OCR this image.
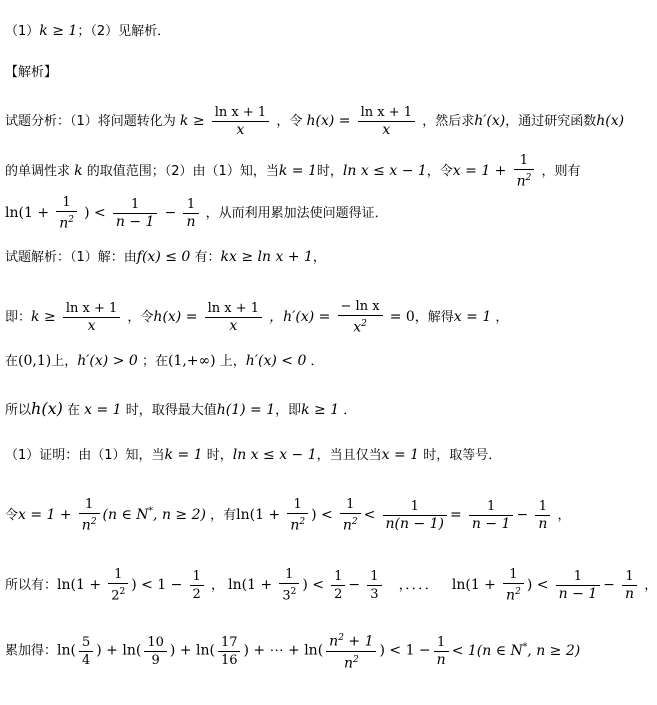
（1）k ≥ 1；（2）见解析．
【解析】
试题分析：（1）将问题转化为 $k \ge \frac{\text{ln x + 1}}{x}$ ，令 $h(x) = \frac{\text{ln x + 1}}{x}$ ，然后求h′(x)，通过研究函数h(x)
的单调性求 k 的取值范围；（2）由（1）知，当k = 1时，ln x ≤ x − 1，令$x = 1 + \frac{1}{n^2}$ ，则有
$\ln(1 + \frac{1}{n^2}$ ) < $\frac{1}{n - 1} - \frac{1}{n}$ ，从而利用累加法使问题得证．
试题解析：（1）解：由f(x) ≤ 0 有：kx ≥ ln x + 1，
即：$k \ge \frac{\text{ln x + 1}}{x}$ ，令$h(x) = \frac{\text{ln x + 1}}{x}$ ，$h'(x) = \frac{\text{− ln x}}{x^2} = 0$，解得x = 1 ，
在(0,1)上，h′(x) > 0 ；在(1,+∞) 上，h′(x) < 0 ．
所以h(x) 在 x = 1 时，取得最大值h(1) = 1，即k ≥ 1 ．
（1）证明：由（1）知，当k = 1 时，ln x ≤ x − 1，当且仅当x = 1 时，取等号．
令$x = 1 + \frac{1}{n^2} (n$ ∈ N*, n ≥ 2) ，有$\ln(1 + \frac{1}{n^2}$ ) < $\frac{1}{n^2} < \frac{1}{n(n - 1)} = \frac{1}{n - 1} - \frac{1}{n}$ ，
所以有：$\ln(1 + \frac{1}{2^2}$ ) < $1 - \frac{1}{2}$ ， $\ln(1 + \frac{1}{3^2}$ ) < $\frac{1}{2} - \frac{1}{3}$ ，．．．． $\ln(1 + \frac{1}{n^2}$ ) < $\frac{1}{n - 1} - \frac{1}{n}$ ，
累加得：$\ln( \frac{5}{4}$ ) + $\ln( \frac{10}{9}$ ) + $\ln( \frac{17}{16}$ ) + ⋯ + $\ln( \frac{n^2 + 1}{n^2}$ ) < $1 - \frac{1}{n} < 1(n$ ∈ N*, n ≥ 2)
